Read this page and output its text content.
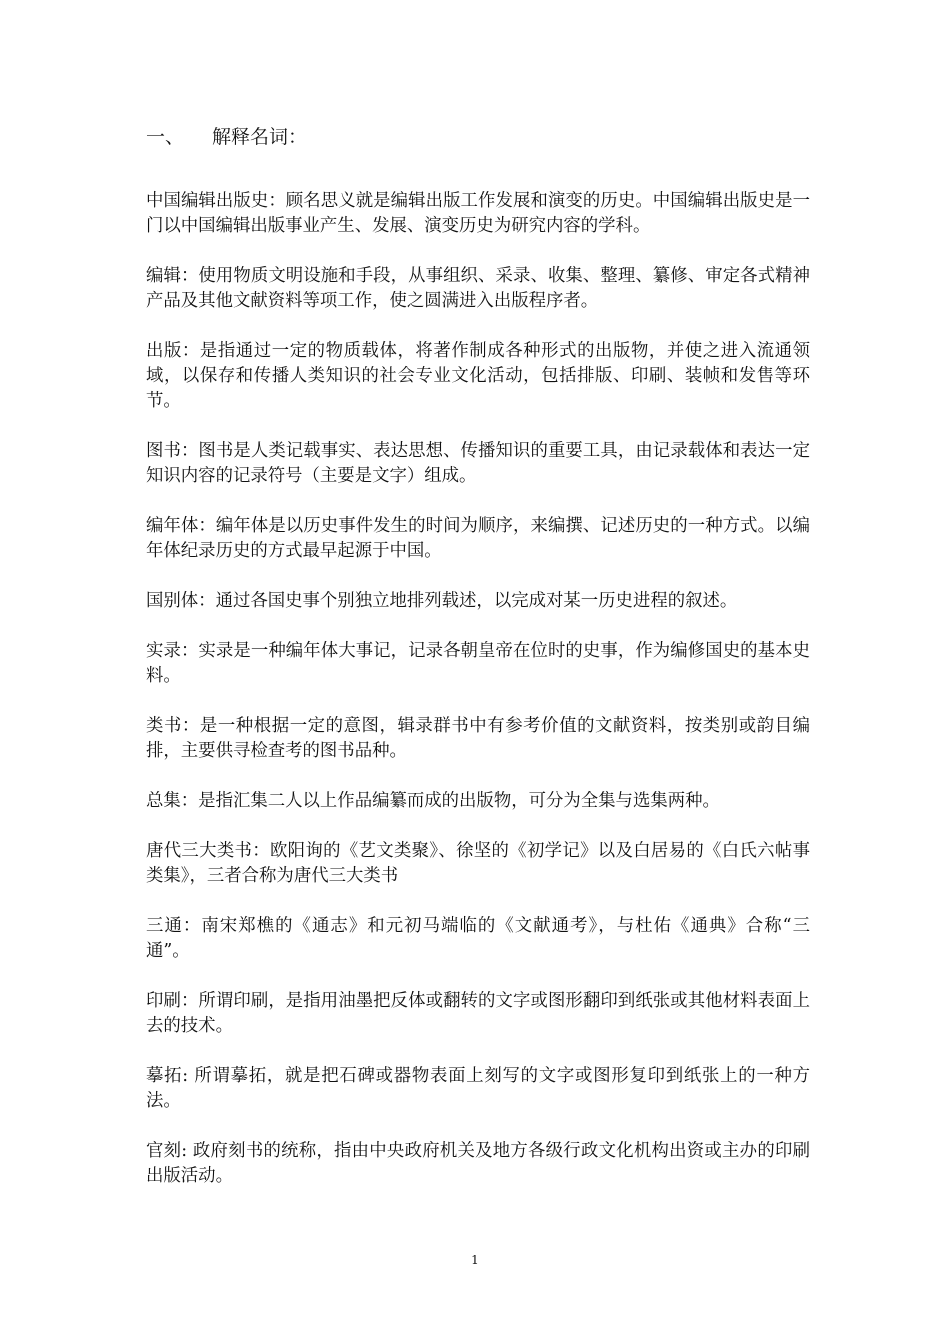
一、 解释名词：

中国编辑出版史：顾名思义就是编辑出版工作发展和演变的历史。中国编辑出版史是一门以中国编辑出版事业产生、发展、演变历史为研究内容的学科。

编辑：使用物质文明设施和手段，从事组织、采录、收集、整理、纂修、审定各式精神产品及其他文献资料等项工作，使之圆满进入出版程序者。

出版：是指通过一定的物质载体，将著作制成各种形式的出版物，并使之进入流通领域，以保存和传播人类知识的社会专业文化活动，包括排版、印刷、装帧和发售等环节。

图书：图书是人类记载事实、表达思想、传播知识的重要工具，由记录载体和表达一定知识内容的记录符号（主要是文字）组成。

编年体：编年体是以历史事件发生的时间为顺序，来编撰、记述历史的一种方式。以编年体纪录历史的方式最早起源于中国。

国别体：通过各国史事个别独立地排列载述，以完成对某一历史进程的叙述。

实录：实录是一种编年体大事记，记录各朝皇帝在位时的史事，作为编修国史的基本史料。

类书：是一种根据一定的意图，辑录群书中有参考价值的文献资料，按类别或韵目编排，主要供寻检查考的图书品种。

总集：是指汇集二人以上作品编纂而成的出版物，可分为全集与选集两种。

唐代三大类书：欧阳询的《艺文类聚》、徐坚的《初学记》以及白居易的《白氏六帖事类集》，三者合称为唐代三大类书

三通：南宋郑樵的《通志》和元初马端临的《文献通考》，与杜佑《通典》合称“三通”。

印刷：所谓印刷，是指用油墨把反体或翻转的文字或图形翻印到纸张或其他材料表面上去的技术。

摹拓: 所谓摹拓，就是把石碑或器物表面上刻写的文字或图形复印到纸张上的一种方法。

官刻: 政府刻书的统称，指由中央政府机关及地方各级行政文化机构出资或主办的印刷出版活动。

1
